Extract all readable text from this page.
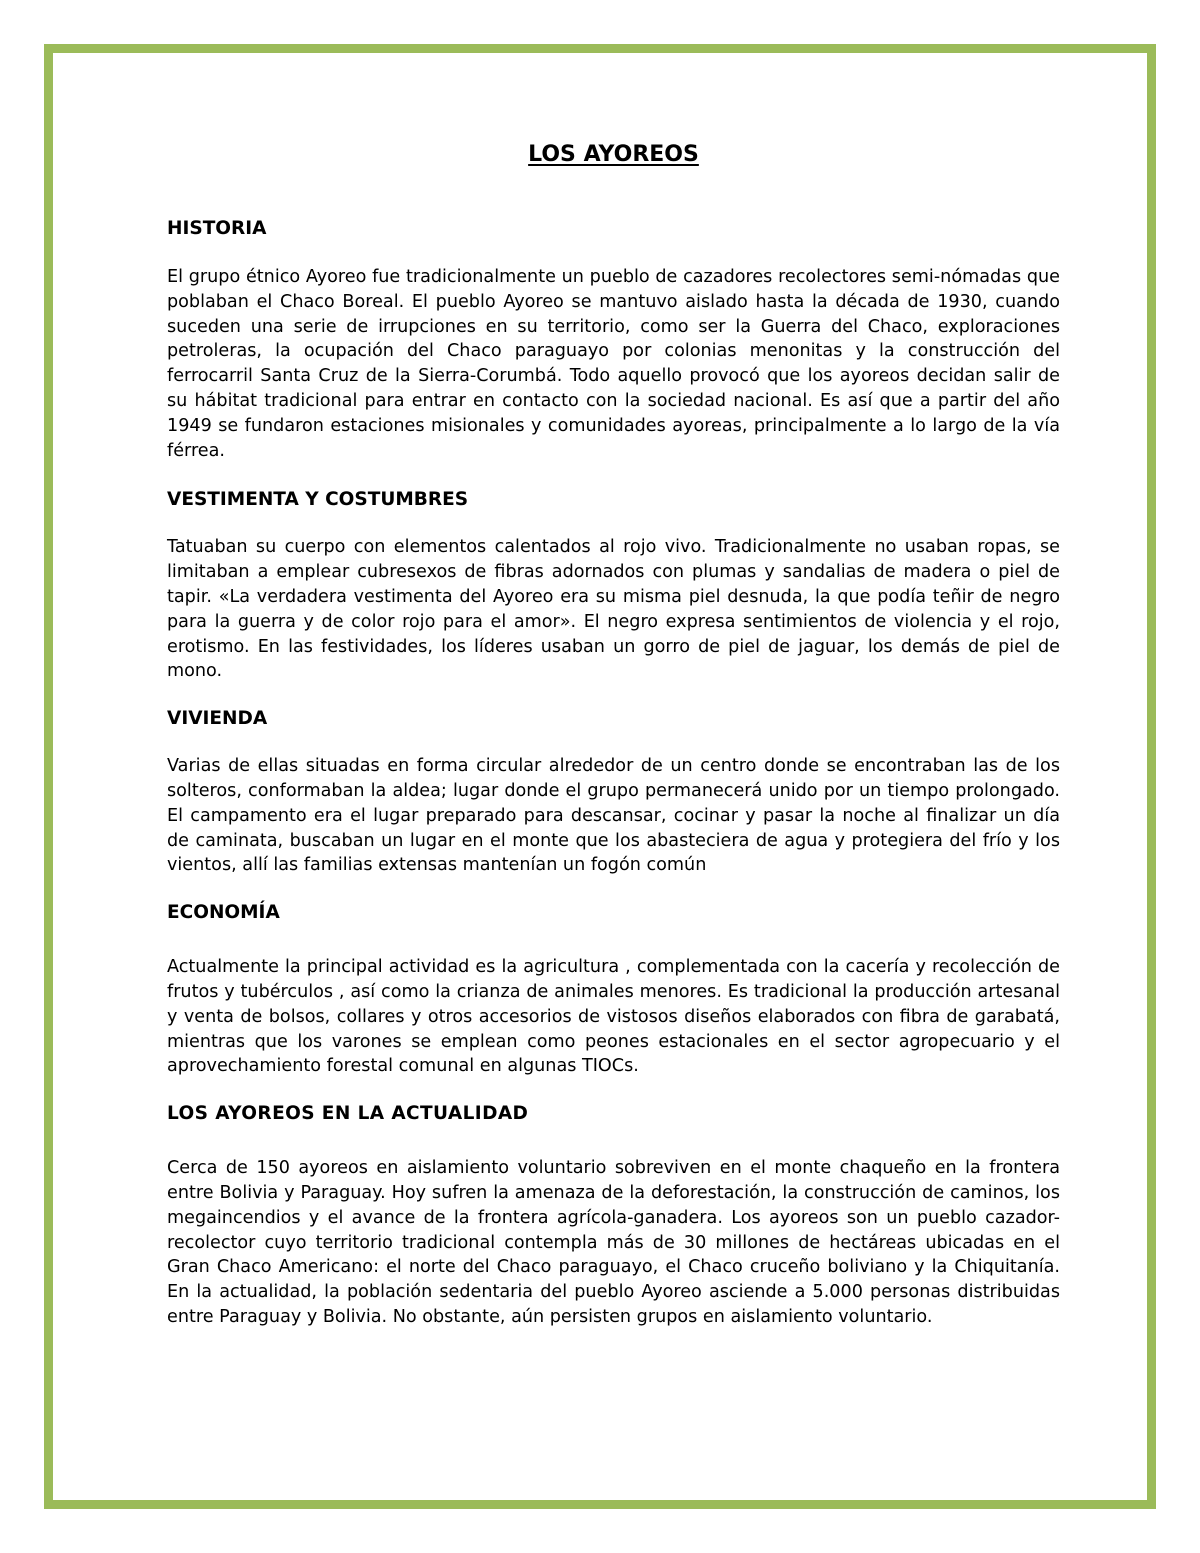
LOS AYOREOS
HISTORIA

El grupo étnico Ayoreo fue tradicionalmente un pueblo de cazadores recolectores semi-nómadas que poblaban el Chaco Boreal. El pueblo Ayoreo se mantuvo aislado hasta la década de 1930, cuando suceden una serie de irrupciones en su territorio, como ser la Guerra del Chaco, exploraciones petroleras, la ocupación del Chaco paraguayo por colonias menonitas y la construcción del ferrocarril Santa Cruz de la Sierra-Corumbá. Todo aquello provocó que los ayoreos decidan salir de su hábitat tradicional para entrar en contacto con la sociedad nacional. Es así que a partir del año 1949 se fundaron estaciones misionales y comunidades ayoreas, principalmente a lo largo de la vía férrea.

VESTIMENTA Y COSTUMBRES

Tatuaban su cuerpo con elementos calentados al rojo vivo. Tradicionalmente no usaban ropas, se limitaban a emplear cubresexos de fibras adornados con plumas y sandalias de madera o piel de tapir. «La verdadera vestimenta del Ayoreo era su misma piel desnuda, la que podía teñir de negro para la guerra y de color rojo para el amor». El negro expresa sentimientos de violencia y el rojo, erotismo. En las festividades, los líderes usaban un gorro de piel de jaguar, los demás de piel de mono.

VIVIENDA

Varias de ellas situadas en forma circular alrededor de un centro donde se encontraban las de los solteros, conformaban la aldea; lugar donde el grupo permanecerá unido por un tiempo prolongado. El campamento era el lugar preparado para descansar, cocinar y pasar la noche al finalizar un día de caminata, buscaban un lugar en el monte que los abasteciera de agua y protegiera del frío y los vientos, allí las familias extensas mantenían un fogón común

ECONOMÍA

Actualmente la principal actividad es la agricultura , complementada con la cacería y recolección de frutos y tubérculos , así como la crianza de animales menores. Es tradicional la producción artesanal y venta de bolsos, collares y otros accesorios de vistosos diseños elaborados con fibra de garabatá, mientras que los varones se emplean como peones estacionales en el sector agropecuario y el aprovechamiento forestal comunal en algunas TIOCs.

LOS AYOREOS EN LA ACTUALIDAD

Cerca de 150 ayoreos en aislamiento voluntario sobreviven en el monte chaqueño en la frontera entre Bolivia y Paraguay. Hoy sufren la amenaza de la deforestación, la construcción de caminos, los megaincendios y el avance de la frontera agrícola-ganadera. Los ayoreos son un pueblo cazador-recolector cuyo territorio tradicional contempla más de 30 millones de hectáreas ubicadas en el Gran Chaco Americano: el norte del Chaco paraguayo, el Chaco cruceño boliviano y la Chiquitanía. En la actualidad, la población sedentaria del pueblo Ayoreo asciende a 5.000 personas distribuidas entre Paraguay y Bolivia. No obstante, aún persisten grupos en aislamiento voluntario.
